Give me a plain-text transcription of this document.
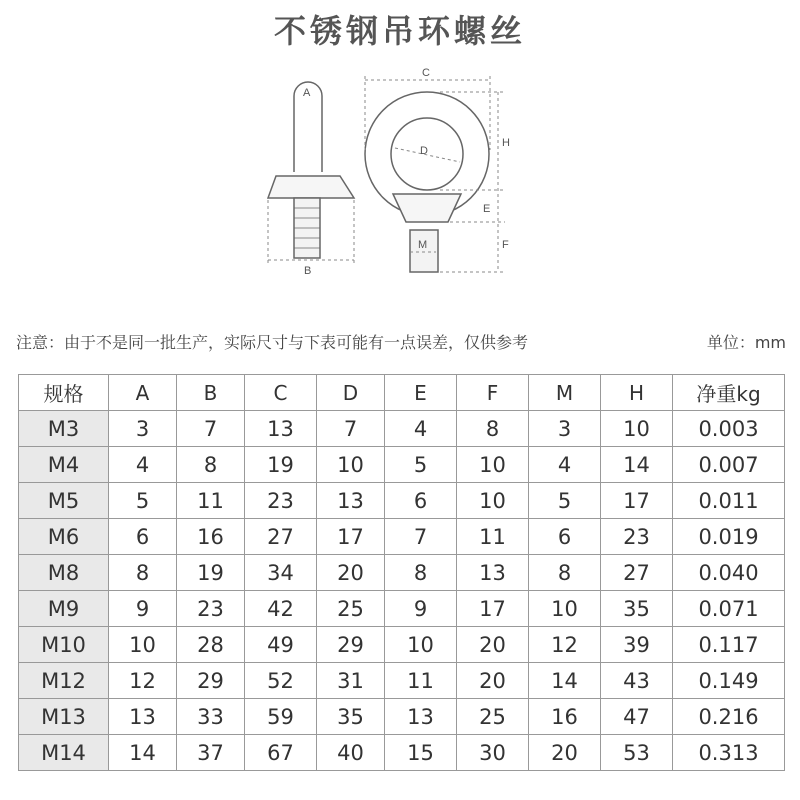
不锈钢吊环螺丝
A
B
C
D
H
E
F
M
注意：由于不是同一批生产，实际尺寸与下表可能有一点误差，仅供参考	单位：mm
规格	A	B	C	D	E	F	M	H	净重kg
M3	3	7	13	7	4	8	3	10	0.003
M4	4	8	19	10	5	10	4	14	0.007
M5	5	11	23	13	6	10	5	17	0.011
M6	6	16	27	17	7	11	6	23	0.019
M8	8	19	34	20	8	13	8	27	0.040
M9	9	23	42	25	9	17	10	35	0.071
M10	10	28	49	29	10	20	12	39	0.117
M12	12	29	52	31	11	20	14	43	0.149
M13	13	33	59	35	13	25	16	47	0.216
M14	14	37	67	40	15	30	20	53	0.313
